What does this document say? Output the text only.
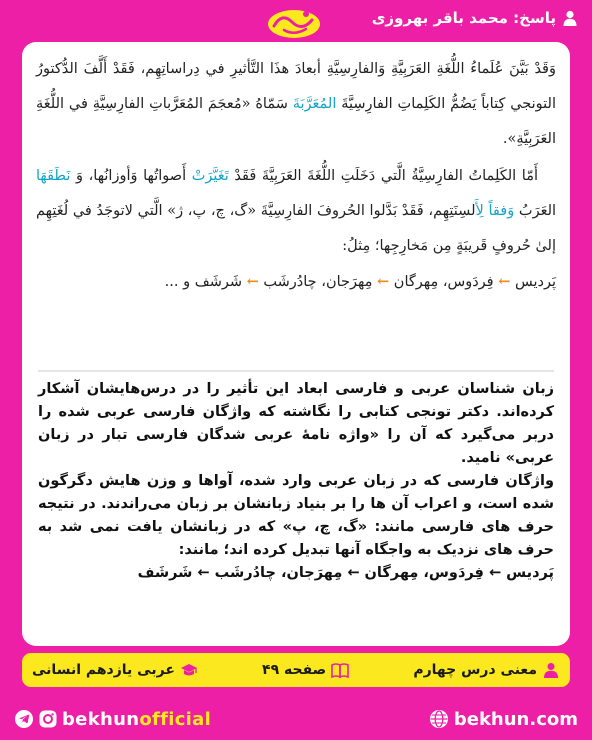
پاسخ: محمد باقر بهروزی

وَقَدْ بَيَّنَ عُلَماءُ اللُّغَةِ العَرَبِيَّةِ وَالفارِسِيَّةِ أبعادَ هذَا التَّأثيرِ في دِراساتِهِم، فَقَدْ أَلَّفَ الدُّكتورُ التونجي كِتاباً يَضُمُّ الكَلِماتِ الفارِسِيَّةَ المُعَرَّبَةَ سَمّاهُ «مُعجَمَ المُعَرَّباتِ الفارِسِيَّةِ في اللُّغَةِ العَرَبِيَّةِ».

أَمّا الكَلِماتُ الفارِسِيَّةُ الَّتي دَخَلَتِ اللُّغَةَ العَرَبِيَّةَ فَقَدْ تَغَيَّرَتْ أَصواتُها وَأوزانُها، وَ نَطَقَهَا العَرَبُ وَفقاً لِأَلسِنَتِهِم، فَقَدْ بَدَّلوا الحُروفَ الفارِسِيَّةَ «گ، چ، پ، ژ» الَّتي لاتوجَدُ في لُغَتِهِم إلىٰ حُروفٍ قَريبَةٍ مِن مَخارِجِها؛ مِثلُ:

پَرديس ← فِردَوس، مِهرگان ← مِهرَجان، چادُرشَب ← شَرشَف و ...

زبان شناسان عربی و فارسی ابعاد این تأثیر را در درس‌هایشان آشکار کرده‌اند. دکتر تونجی کتابی را نگاشته که واژگان فارسی عربی شده را دربر می‌گیرد که آن را «واژه نامهٔ عربی شدگان فارسی تبار در زبان عربی» نامید.

واژگان فارسی که در زبان عربی وارد شده، آواها و وزن هایش دگرگون شده است، و اعراب آن ها را بر بنیاد زبانشان بر زبان می‌راندند. در نتیجه حرف های فارسی مانند: «گ، چ، پ» که در زبانشان یافت نمی شد به حرف های نزدیک به واجگاه آنها تبدیل کرده اند؛ مانند:

پَردیس ← فِردَوس، مِهرگان ← مِهرَجان، چادُرشَب ← شَرشَف

معنی درس چهارم
صفحه ۴۹
عربی یازدهم انسانی
bekhunofficial	bekhun.com
